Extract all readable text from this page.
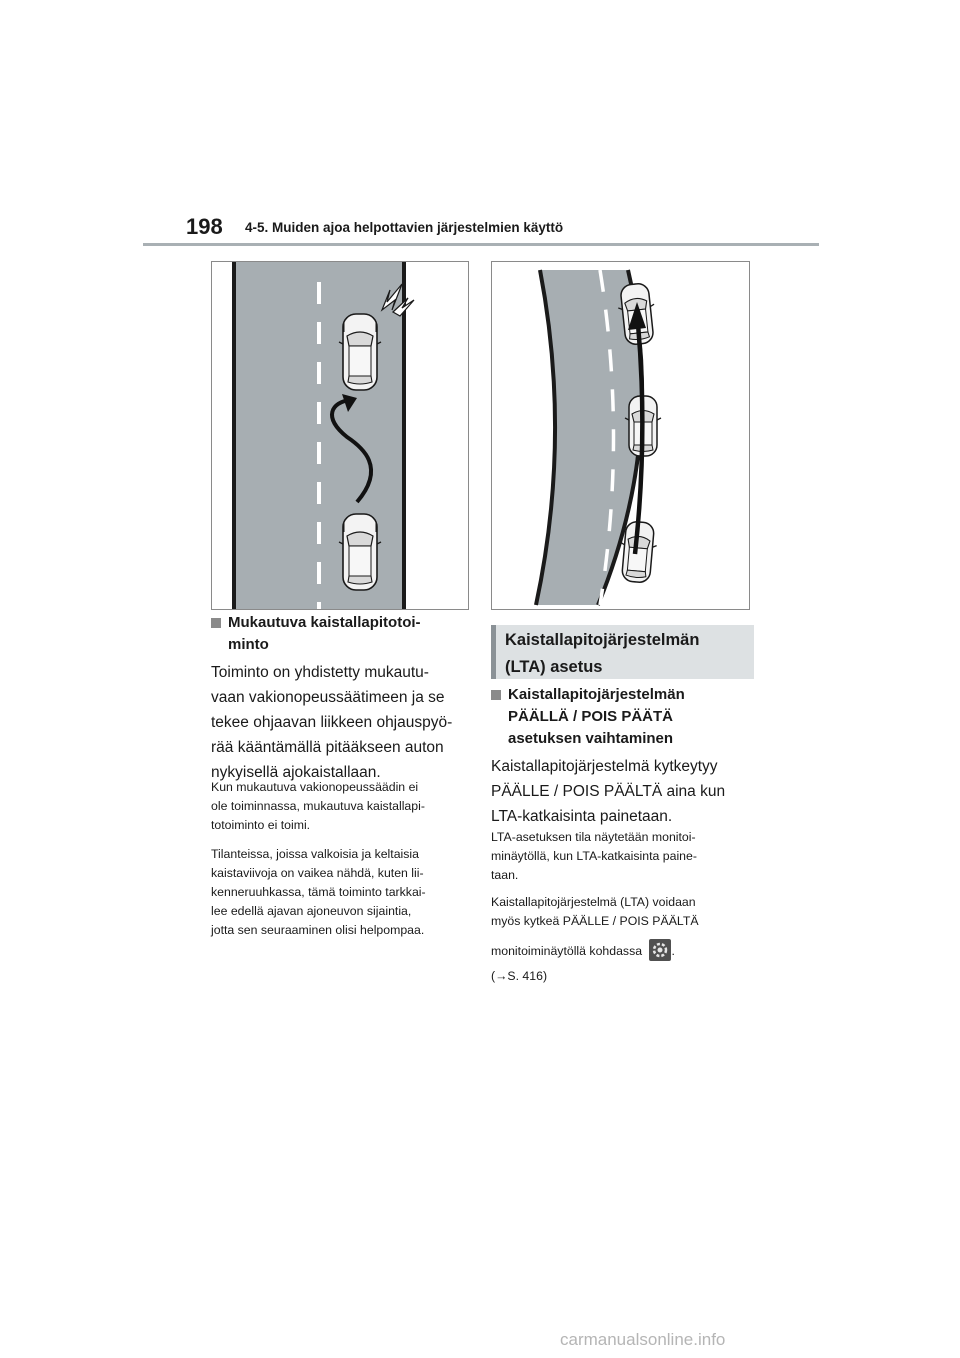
198 4-5. Muiden ajoa helpottavien järjestelmien käyttö
Mukautuva kaistallapitotoi-
minto
Toiminto on yhdistetty mukautu-
vaan vakionopeussäätimeen ja se
tekee ohjaavan liikkeen ohjauspyö-
rää kääntämällä pitääkseen auton
nykyisellä ajokaistallaan.
Kun mukautuva vakionopeussäädin ei
ole toiminnassa, mukautuva kaistallapi-
totoiminto ei toimi.
Tilanteissa, joissa valkoisia ja keltaisia
kaistaviivoja on vaikea nähdä, kuten lii-
kenneruuhkassa, tämä toiminto tarkkai-
lee edellä ajavan ajoneuvon sijaintia,
jotta sen seuraaminen olisi helpompaa.
Kaistallapitojärjestelmän
(LTA) asetus
Kaistallapitojärjestelmän
PÄÄLLÄ / POIS PÄÄTÄ
asetuksen vaihtaminen
Kaistallapitojärjestelmä kytkeytyy
PÄÄLLE / POIS PÄÄLTÄ aina kun
LTA-katkaisinta painetaan.
LTA-asetuksen tila näytetään monitoi-
minäytöllä, kun LTA-katkaisinta paine-
taan.
Kaistallapitojärjestelmä (LTA) voidaan
myös kytkeä PÄÄLLE / POIS PÄÄLTÄ
monitoiminäytöllä kohdassa .
(→S. 416)
carmanualsonline.info
